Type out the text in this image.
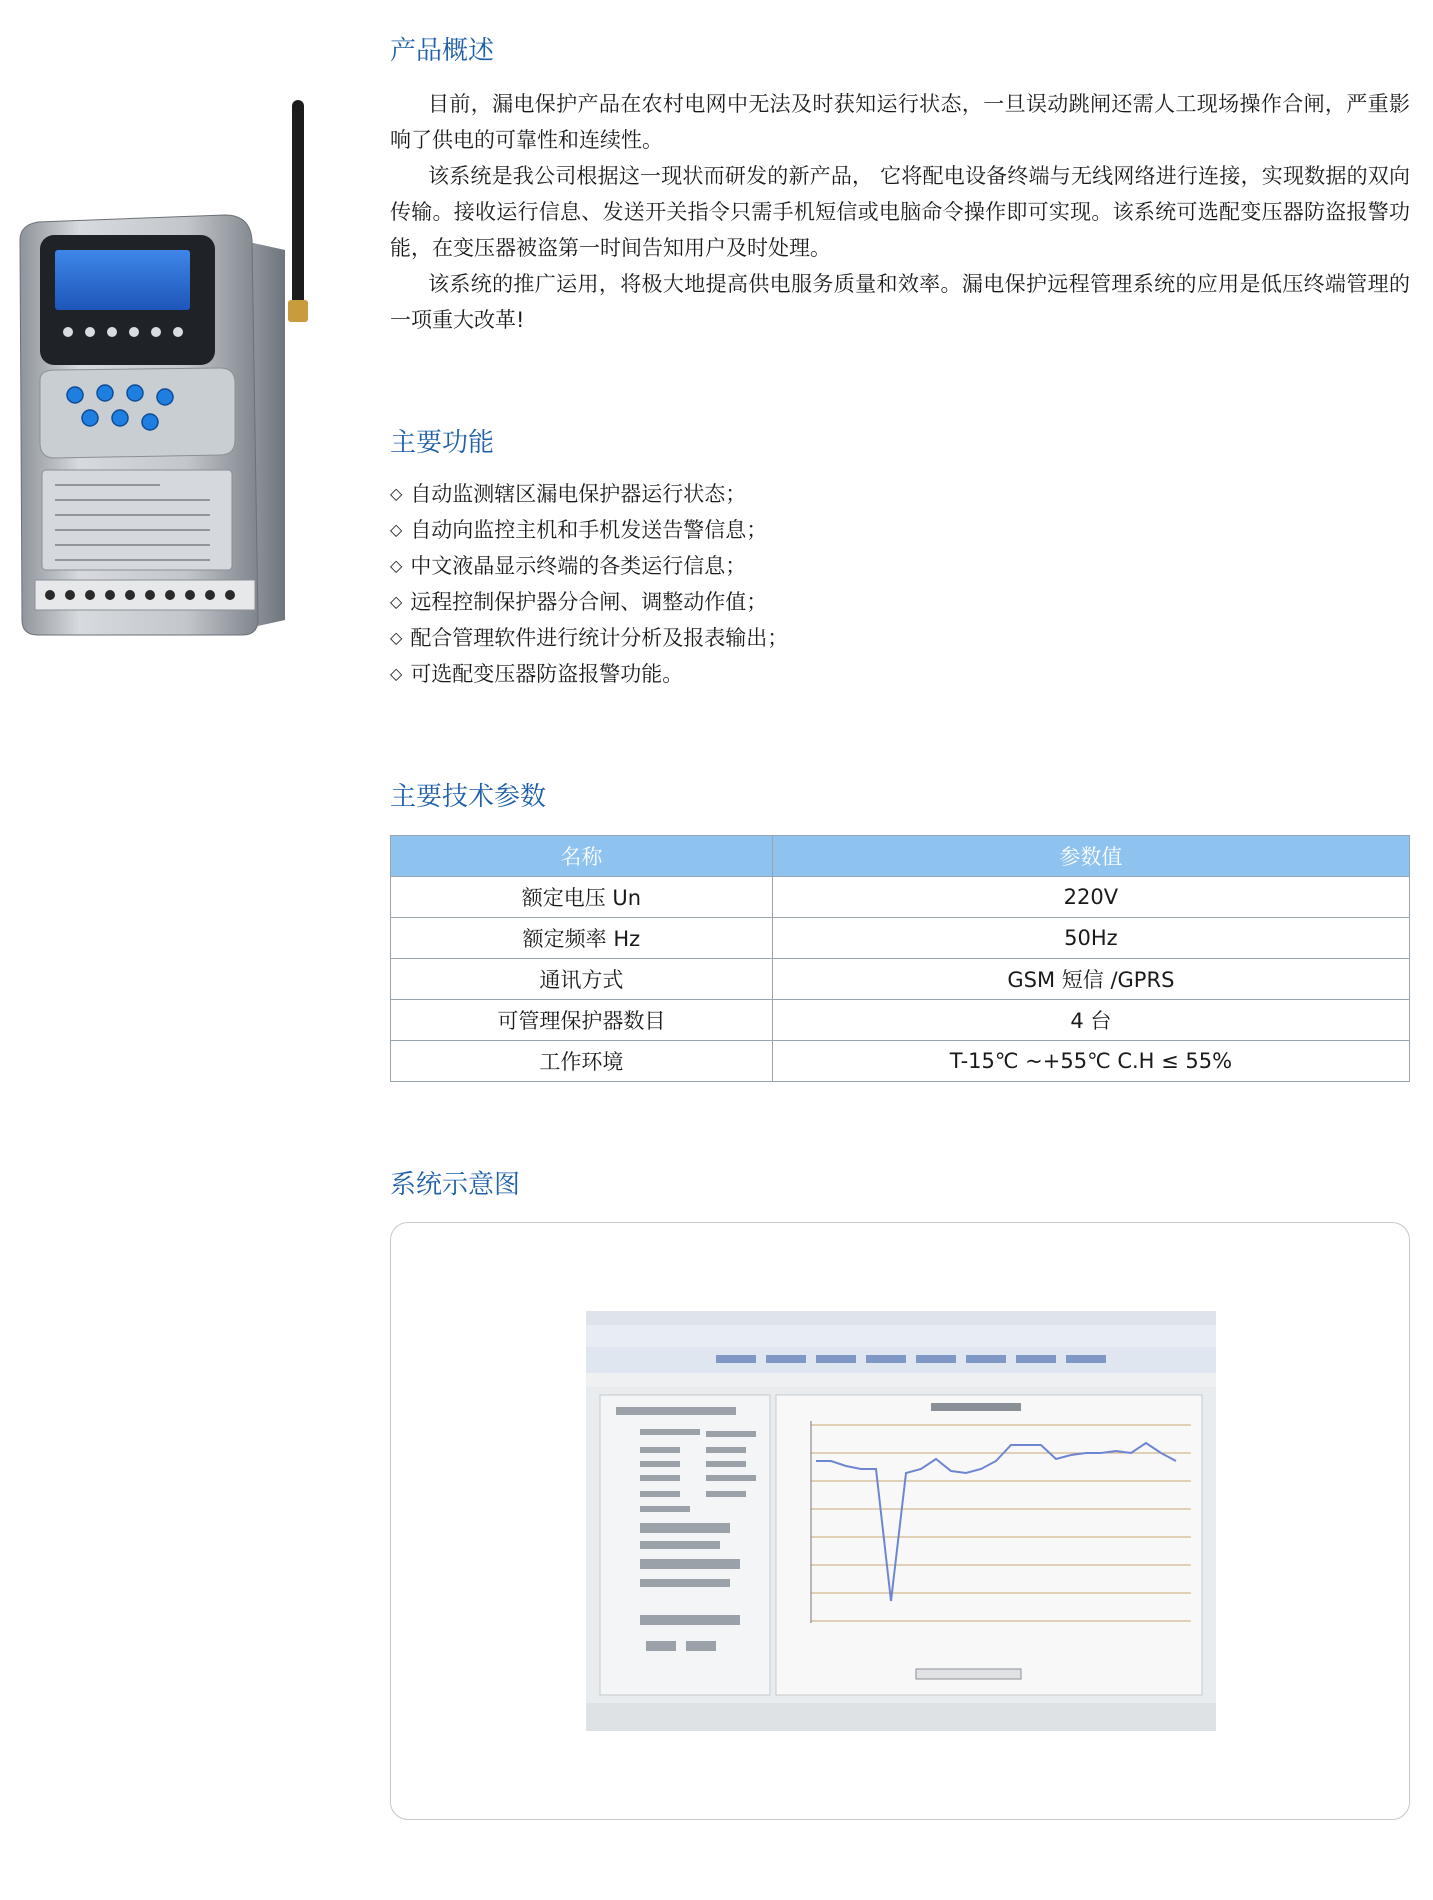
产品概述

目前，漏电保护产品在农村电网中无法及时获知运行状态，一旦误动跳闸还需人工现场操作合闸，严重影响了供电的可靠性和连续性。

该系统是我公司根据这一现状而研发的新产品， 它将配电设备终端与无线网络进行连接，实现数据的双向传输。接收运行信息、发送开关指令只需手机短信或电脑命令操作即可实现。该系统可选配变压器防盗报警功能，在变压器被盗第一时间告知用户及时处理。

该系统的推广运用，将极大地提高供电服务质量和效率。漏电保护远程管理系统的应用是低压终端管理的一项重大改革!

主要功能
◇ 自动监测辖区漏电保护器运行状态；
◇ 自动向监控主机和手机发送告警信息；
◇ 中文液晶显示终端的各类运行信息；
◇ 远程控制保护器分合闸、调整动作值；
◇ 配合管理软件进行统计分析及报表输出；
◇ 可选配变压器防盗报警功能。
主要技术参数
名称	参数值
额定电压 Un	220V
额定频率 Hz	50Hz
通讯方式	GSM 短信 /GPRS
可管理保护器数目	4 台
工作环境	T-15℃ ~+55℃ C.H ≤ 55%
系统示意图
